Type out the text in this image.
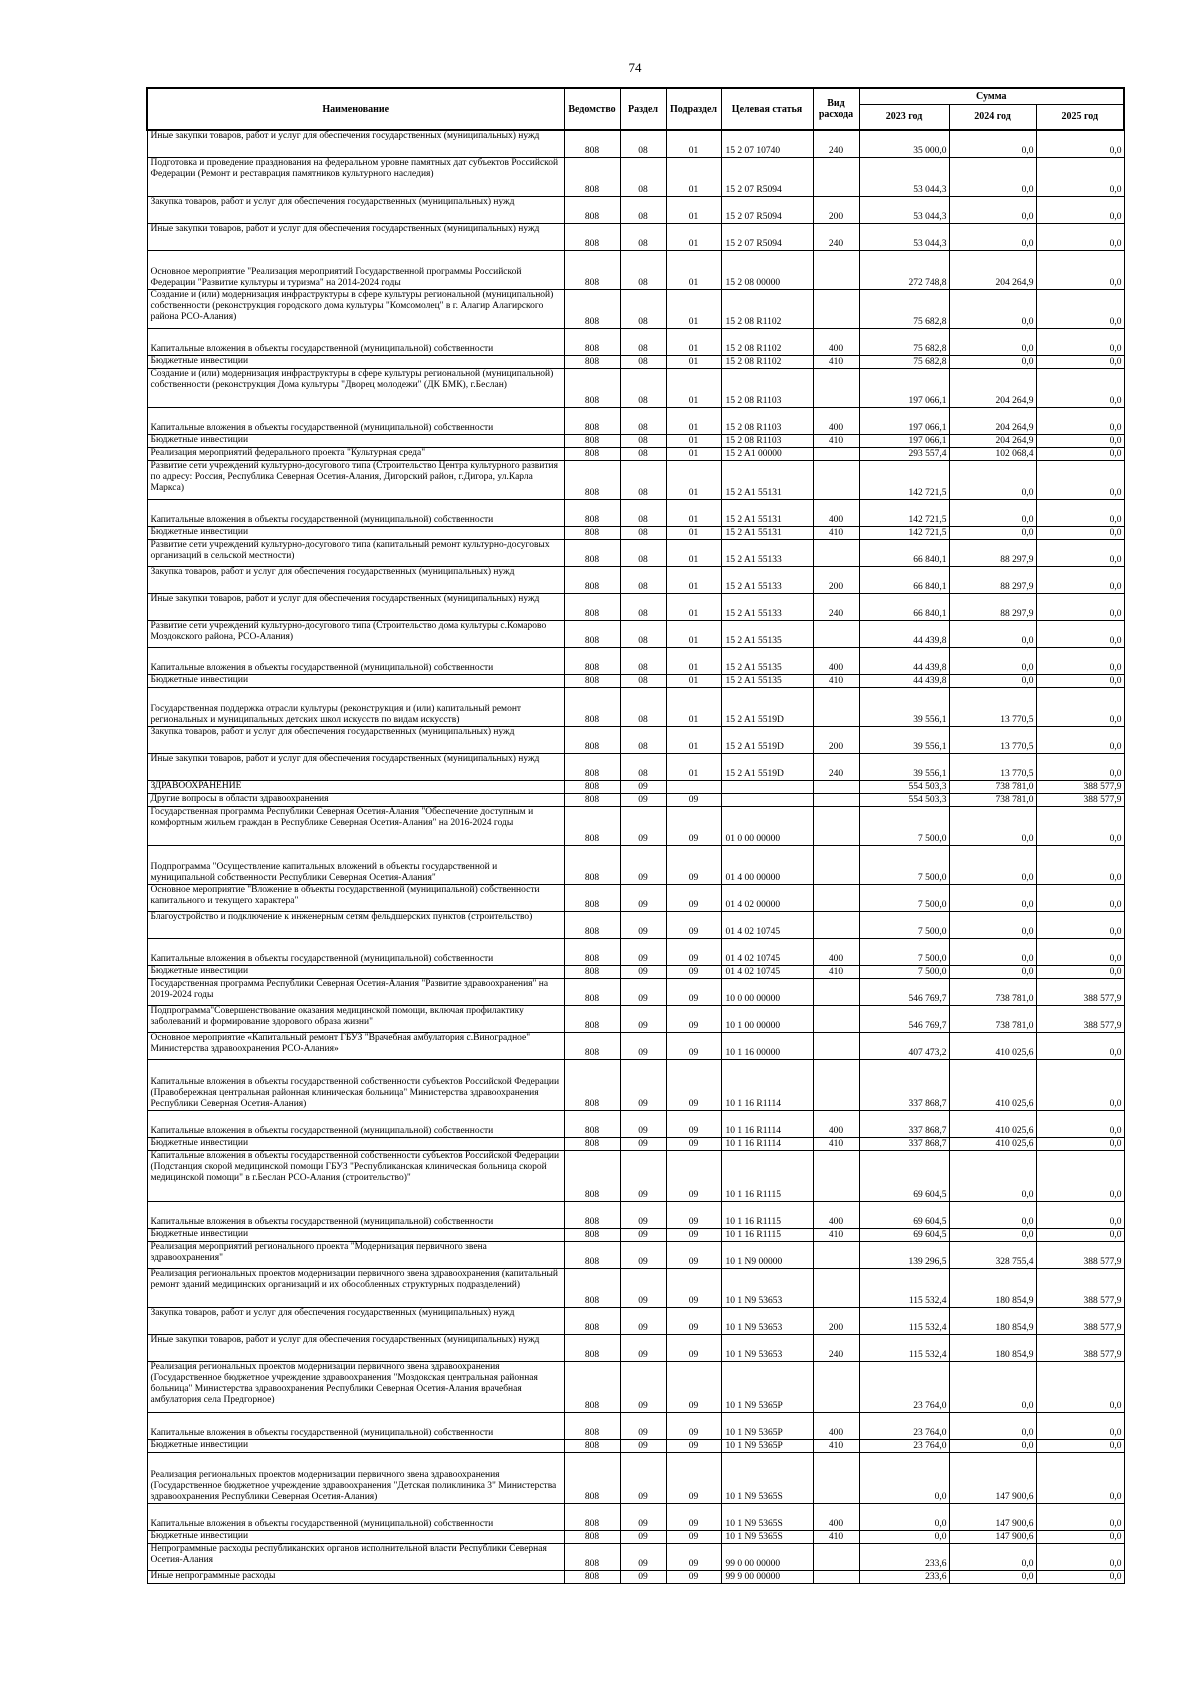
74
Наименование	Ведомство	Раздел	Подраздел	Целевая статья	Вид расхода	Сумма		
						2023 год	2024 год	2025 год
Иные закупки товаров, работ и услуг для обеспечения государственных (муниципальных) нужд	808	08	01	15 2 07 10740	240	35 000,0	0,0	0,0
Подготовка и проведение празднования на федеральном уровне памятных дат субъектов Российской Федерации (Ремонт и реставрация памятников культурного наследия)	808	08	01	15 2 07 R5094		53 044,3	0,0	0,0
Закупка товаров, работ и услуг для обеспечения государственных (муниципальных) нужд	808	08	01	15 2 07 R5094	200	53 044,3	0,0	0,0
Иные закупки товаров, работ и услуг для обеспечения государственных (муниципальных) нужд	808	08	01	15 2 07 R5094	240	53 044,3	0,0	0,0
Основное мероприятие "Реализация мероприятий Государственной программы Российской Федерации "Развитие культуры и туризма" на 2014-2024 годы	808	08	01	15 2 08 00000		272 748,8	204 264,9	0,0
Создание и (или) модернизация инфраструктуры в сфере культуры региональной (муниципальной) собственности (реконструкция городского дома культуры "Комсомолец" в г. Алагир Алагирского района РСО-Алания)	808	08	01	15 2 08 R1102		75 682,8	0,0	0,0
Капитальные вложения в объекты государственной (муниципальной) собственности	808	08	01	15 2 08 R1102	400	75 682,8	0,0	0,0
Бюджетные инвестиции	808	08	01	15 2 08 R1102	410	75 682,8	0,0	0,0
Создание и (или) модернизация инфраструктуры в сфере культуры региональной (муниципальной) собственности (реконструкция Дома культуры "Дворец молодежи" (ДК БМК), г.Беслан)	808	08	01	15 2 08 R1103		197 066,1	204 264,9	0,0
Капитальные вложения в объекты государственной (муниципальной) собственности	808	08	01	15 2 08 R1103	400	197 066,1	204 264,9	0,0
Бюджетные инвестиции	808	08	01	15 2 08 R1103	410	197 066,1	204 264,9	0,0
Реализация мероприятий федерального проекта "Культурная среда"	808	08	01	15 2 A1 00000		293 557,4	102 068,4	0,0
Развитие сети учреждений культурно-досугового типа (Строительство Центра культурного развития по адресу: Россия, Республика Северная Осетия-Алания, Дигорский район, г.Дигора, ул.Карла Маркса)	808	08	01	15 2 A1 55131		142 721,5	0,0	0,0
Капитальные вложения в объекты государственной (муниципальной) собственности	808	08	01	15 2 A1 55131	400	142 721,5	0,0	0,0
Бюджетные инвестиции	808	08	01	15 2 A1 55131	410	142 721,5	0,0	0,0
Развитие сети учреждений культурно-досугового типа (капитальный ремонт культурно-досуговых организаций в сельской местности)	808	08	01	15 2 A1 55133		66 840,1	88 297,9	0,0
Закупка товаров, работ и услуг для обеспечения государственных (муниципальных) нужд	808	08	01	15 2 A1 55133	200	66 840,1	88 297,9	0,0
Иные закупки товаров, работ и услуг для обеспечения государственных (муниципальных) нужд	808	08	01	15 2 A1 55133	240	66 840,1	88 297,9	0,0
Развитие сети учреждений культурно-досугового типа (Строительство дома культуры с.Комарово Моздокского района, РСО-Алания)	808	08	01	15 2 A1 55135		44 439,8	0,0	0,0
Капитальные вложения в объекты государственной (муниципальной) собственности	808	08	01	15 2 A1 55135	400	44 439,8	0,0	0,0
Бюджетные инвестиции	808	08	01	15 2 A1 55135	410	44 439,8	0,0	0,0
Государственная поддержка отрасли культуры (реконструкция и (или) капитальный ремонт региональных и муниципальных детских школ искусств по видам искусств)	808	08	01	15 2 A1 5519D		39 556,1	13 770,5	0,0
Закупка товаров, работ и услуг для обеспечения государственных (муниципальных) нужд	808	08	01	15 2 A1 5519D	200	39 556,1	13 770,5	0,0
Иные закупки товаров, работ и услуг для обеспечения государственных (муниципальных) нужд	808	08	01	15 2 A1 5519D	240	39 556,1	13 770,5	0,0
ЗДРАВООХРАНЕНИЕ	808	09				554 503,3	738 781,0	388 577,9
Другие вопросы в области здравоохранения	808	09	09			554 503,3	738 781,0	388 577,9
Государственная программа Республики Северная Осетия-Алания "Обеспечение доступным и комфортным жильем граждан в Республике Северная Осетия-Алания" на 2016-2024 годы	808	09	09	01 0 00 00000		7 500,0	0,0	0,0
Подпрограмма "Осуществление капитальных вложений в объекты государственной и муниципальной собственности Республики Северная Осетия-Алания"	808	09	09	01 4 00 00000		7 500,0	0,0	0,0
Основное мероприятие "Вложение в объекты государственной (муниципальной) собственности капитального и текущего характера"	808	09	09	01 4 02 00000		7 500,0	0,0	0,0
Благоустройство и подключение к инженерным сетям фельдшерских пунктов (строительство)	808	09	09	01 4 02 10745		7 500,0	0,0	0,0
Капитальные вложения в объекты государственной (муниципальной) собственности	808	09	09	01 4 02 10745	400	7 500,0	0,0	0,0
Бюджетные инвестиции	808	09	09	01 4 02 10745	410	7 500,0	0,0	0,0
Государственная программа Республики Северная Осетия-Алания "Развитие здравоохранения" на 2019-2024 годы	808	09	09	10 0 00 00000		546 769,7	738 781,0	388 577,9
Подпрограмма"Совершенствование оказания медицинской помощи, включая профилактику заболеваний и формирование здорового образа жизни"	808	09	09	10 1 00 00000		546 769,7	738 781,0	388 577,9
Основное мероприятие «Капитальный ремонт ГБУЗ "Врачебная амбулатория с.Виноградное" Министерства здравоохранения РСО-Алания»	808	09	09	10 1 16 00000		407 473,2	410 025,6	0,0
Капитальные вложения в объекты государственной собственности субъектов Российской Федерации (Правобережная центральная районная клиническая больница" Министерства здравоохранения Республики Северная Осетия-Алания)	808	09	09	10 1 16 R1114		337 868,7	410 025,6	0,0
Капитальные вложения в объекты государственной (муниципальной) собственности	808	09	09	10 1 16 R1114	400	337 868,7	410 025,6	0,0
Бюджетные инвестиции	808	09	09	10 1 16 R1114	410	337 868,7	410 025,6	0,0
Капитальные вложения в объекты государственной собственности субъектов Российской Федерации (Подстанция скорой медицинской помощи ГБУЗ "Республиканская клиническая больница скорой медицинской помощи" в г.Беслан РСО-Алания (строительство)"	808	09	09	10 1 16 R1115		69 604,5	0,0	0,0
Капитальные вложения в объекты государственной (муниципальной) собственности	808	09	09	10 1 16 R1115	400	69 604,5	0,0	0,0
Бюджетные инвестиции	808	09	09	10 1 16 R1115	410	69 604,5	0,0	0,0
Реализация мероприятий регионального проекта "Модернизация первичного звена здравоохранения"	808	09	09	10 1 N9 00000		139 296,5	328 755,4	388 577,9
Реализация региональных проектов модернизации первичного звена здравоохранения (капитальный ремонт зданий медицинских организаций и их обособленных структурных подразделений)	808	09	09	10 1 N9 53653		115 532,4	180 854,9	388 577,9
Закупка товаров, работ и услуг для обеспечения государственных (муниципальных) нужд	808	09	09	10 1 N9 53653	200	115 532,4	180 854,9	388 577,9
Иные закупки товаров, работ и услуг для обеспечения государственных (муниципальных) нужд	808	09	09	10 1 N9 53653	240	115 532,4	180 854,9	388 577,9
Реализация региональных проектов модернизации первичного звена здравоохранения (Государственное бюджетное учреждение здравоохранения "Моздокская центральная районная больница" Министерства здравоохранения Республики Северная Осетия-Алания врачебная амбулатория села Предгорное)	808	09	09	10 1 N9 5365P		23 764,0	0,0	0,0
Капитальные вложения в объекты государственной (муниципальной) собственности	808	09	09	10 1 N9 5365P	400	23 764,0	0,0	0,0
Бюджетные инвестиции	808	09	09	10 1 N9 5365P	410	23 764,0	0,0	0,0
Реализация региональных проектов модернизации первичного звена здравоохранения (Государственное бюджетное учреждение здравоохранения "Детская поликлиника 3" Министерства здравоохранения Республики Северная Осетия-Алания)	808	09	09	10 1 N9 5365S		0,0	147 900,6	0,0
Капитальные вложения в объекты государственной (муниципальной) собственности	808	09	09	10 1 N9 5365S	400	0,0	147 900,6	0,0
Бюджетные инвестиции	808	09	09	10 1 N9 5365S	410	0,0	147 900,6	0,0
Непрограммные расходы республиканских органов исполнительной власти Республики Северная Осетия-Алания	808	09	09	99 0 00 00000		233,6	0,0	0,0
Иные непрограммные расходы	808	09	09	99 9 00 00000		233,6	0,0	0,0
